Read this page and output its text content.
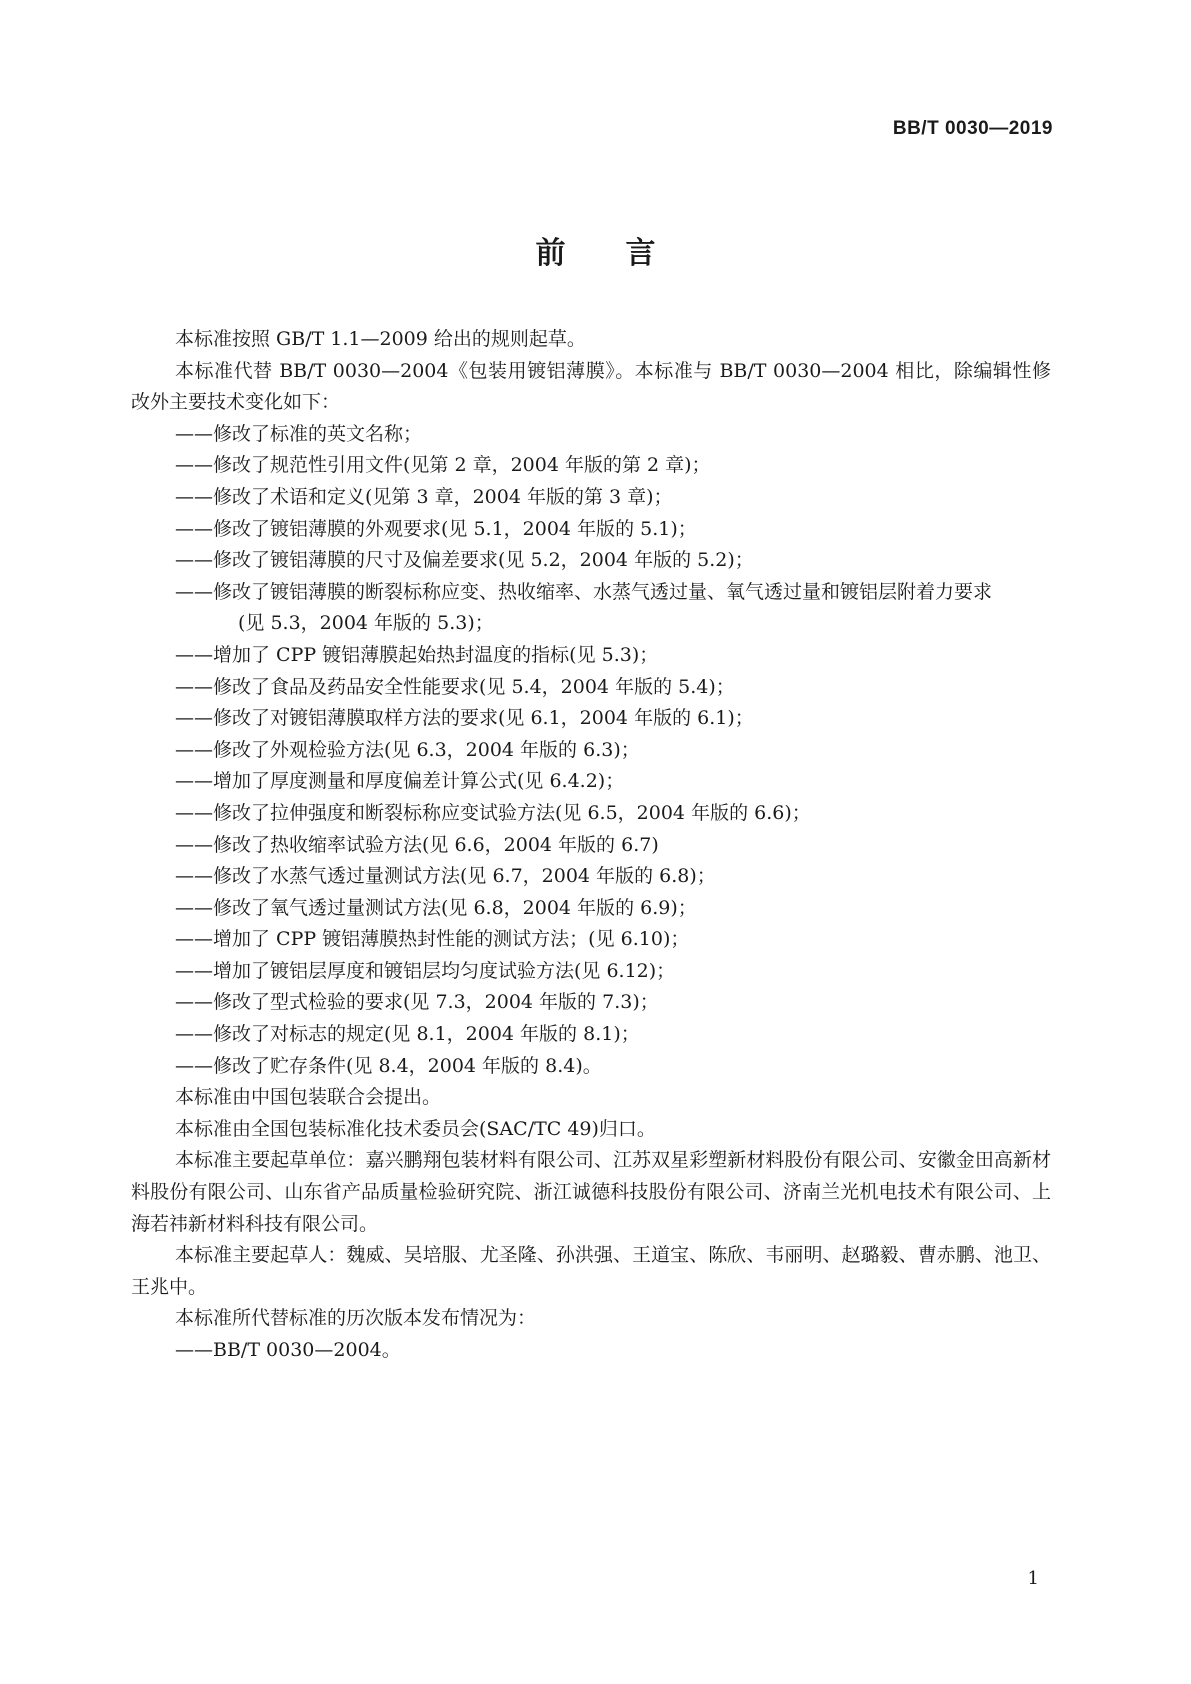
BB/T 0030—2019
前言

本标准按照 GB/T 1.1—2009 给出的规则起草。

本标准代替 BB/T 0030—2004《包装用镀铝薄膜》。本标准与 BB/T 0030—2004 相比，除编辑性修改外主要技术变化如下：

——修改了标准的英文名称；

——修改了规范性引用文件(见第 2 章，2004 年版的第 2 章)；

——修改了术语和定义(见第 3 章，2004 年版的第 3 章)；

——修改了镀铝薄膜的外观要求(见 5.1，2004 年版的 5.1)；

——修改了镀铝薄膜的尺寸及偏差要求(见 5.2，2004 年版的 5.2)；

——修改了镀铝薄膜的断裂标称应变、热收缩率、水蒸气透过量、氧气透过量和镀铝层附着力要求

(见 5.3，2004 年版的 5.3)；

——增加了 CPP 镀铝薄膜起始热封温度的指标(见 5.3)；

——修改了食品及药品安全性能要求(见 5.4，2004 年版的 5.4)；

——修改了对镀铝薄膜取样方法的要求(见 6.1，2004 年版的 6.1)；

——修改了外观检验方法(见 6.3，2004 年版的 6.3)；

——增加了厚度测量和厚度偏差计算公式(见 6.4.2)；

——修改了拉伸强度和断裂标称应变试验方法(见 6.5，2004 年版的 6.6)；

——修改了热收缩率试验方法(见 6.6，2004 年版的 6.7)

——修改了水蒸气透过量测试方法(见 6.7，2004 年版的 6.8)；

——修改了氧气透过量测试方法(见 6.8，2004 年版的 6.9)；

——增加了 CPP 镀铝薄膜热封性能的测试方法；(见 6.10)；

——增加了镀铝层厚度和镀铝层均匀度试验方法(见 6.12)；

——修改了型式检验的要求(见 7.3，2004 年版的 7.3)；

——修改了对标志的规定(见 8.1，2004 年版的 8.1)；

——修改了贮存条件(见 8.4，2004 年版的 8.4)。

本标准由中国包装联合会提出。

本标准由全国包装标准化技术委员会(SAC/TC 49)归口。

本标准主要起草单位：嘉兴鹏翔包装材料有限公司、江苏双星彩塑新材料股份有限公司、安徽金田高新材料股份有限公司、山东省产品质量检验研究院、浙江诚德科技股份有限公司、济南兰光机电技术有限公司、上海若祎新材料科技有限公司。

本标准主要起草人：魏威、吴培服、尤圣隆、孙洪强、王道宝、陈欣、韦丽明、赵璐毅、曹赤鹏、池卫、王兆中。

本标准所代替标准的历次版本发布情况为：

——BB/T 0030—2004。

1
